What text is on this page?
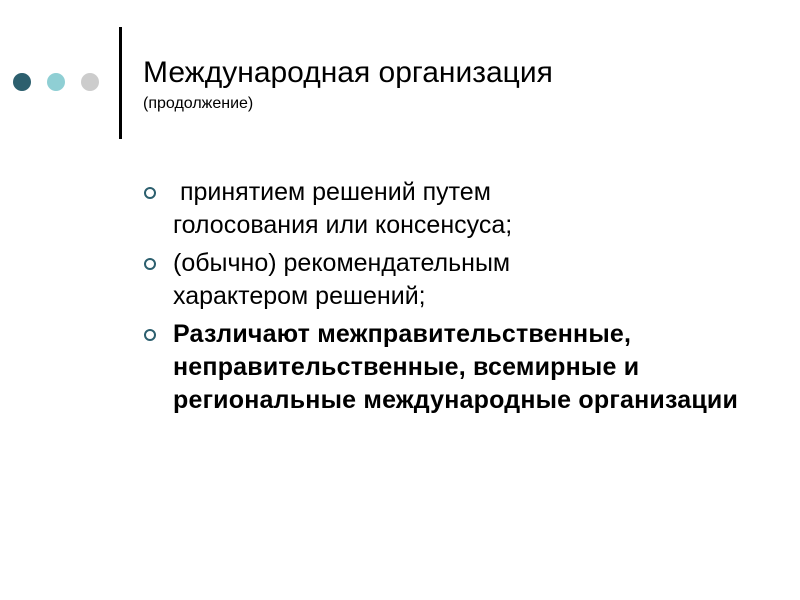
Международная организация
(продолжение)
принятием решений путем голосования или консенсуса;
(обычно) рекомендательным характером решений;
Различают межправительственные, неправительственные, всемирные и региональные международные организации
